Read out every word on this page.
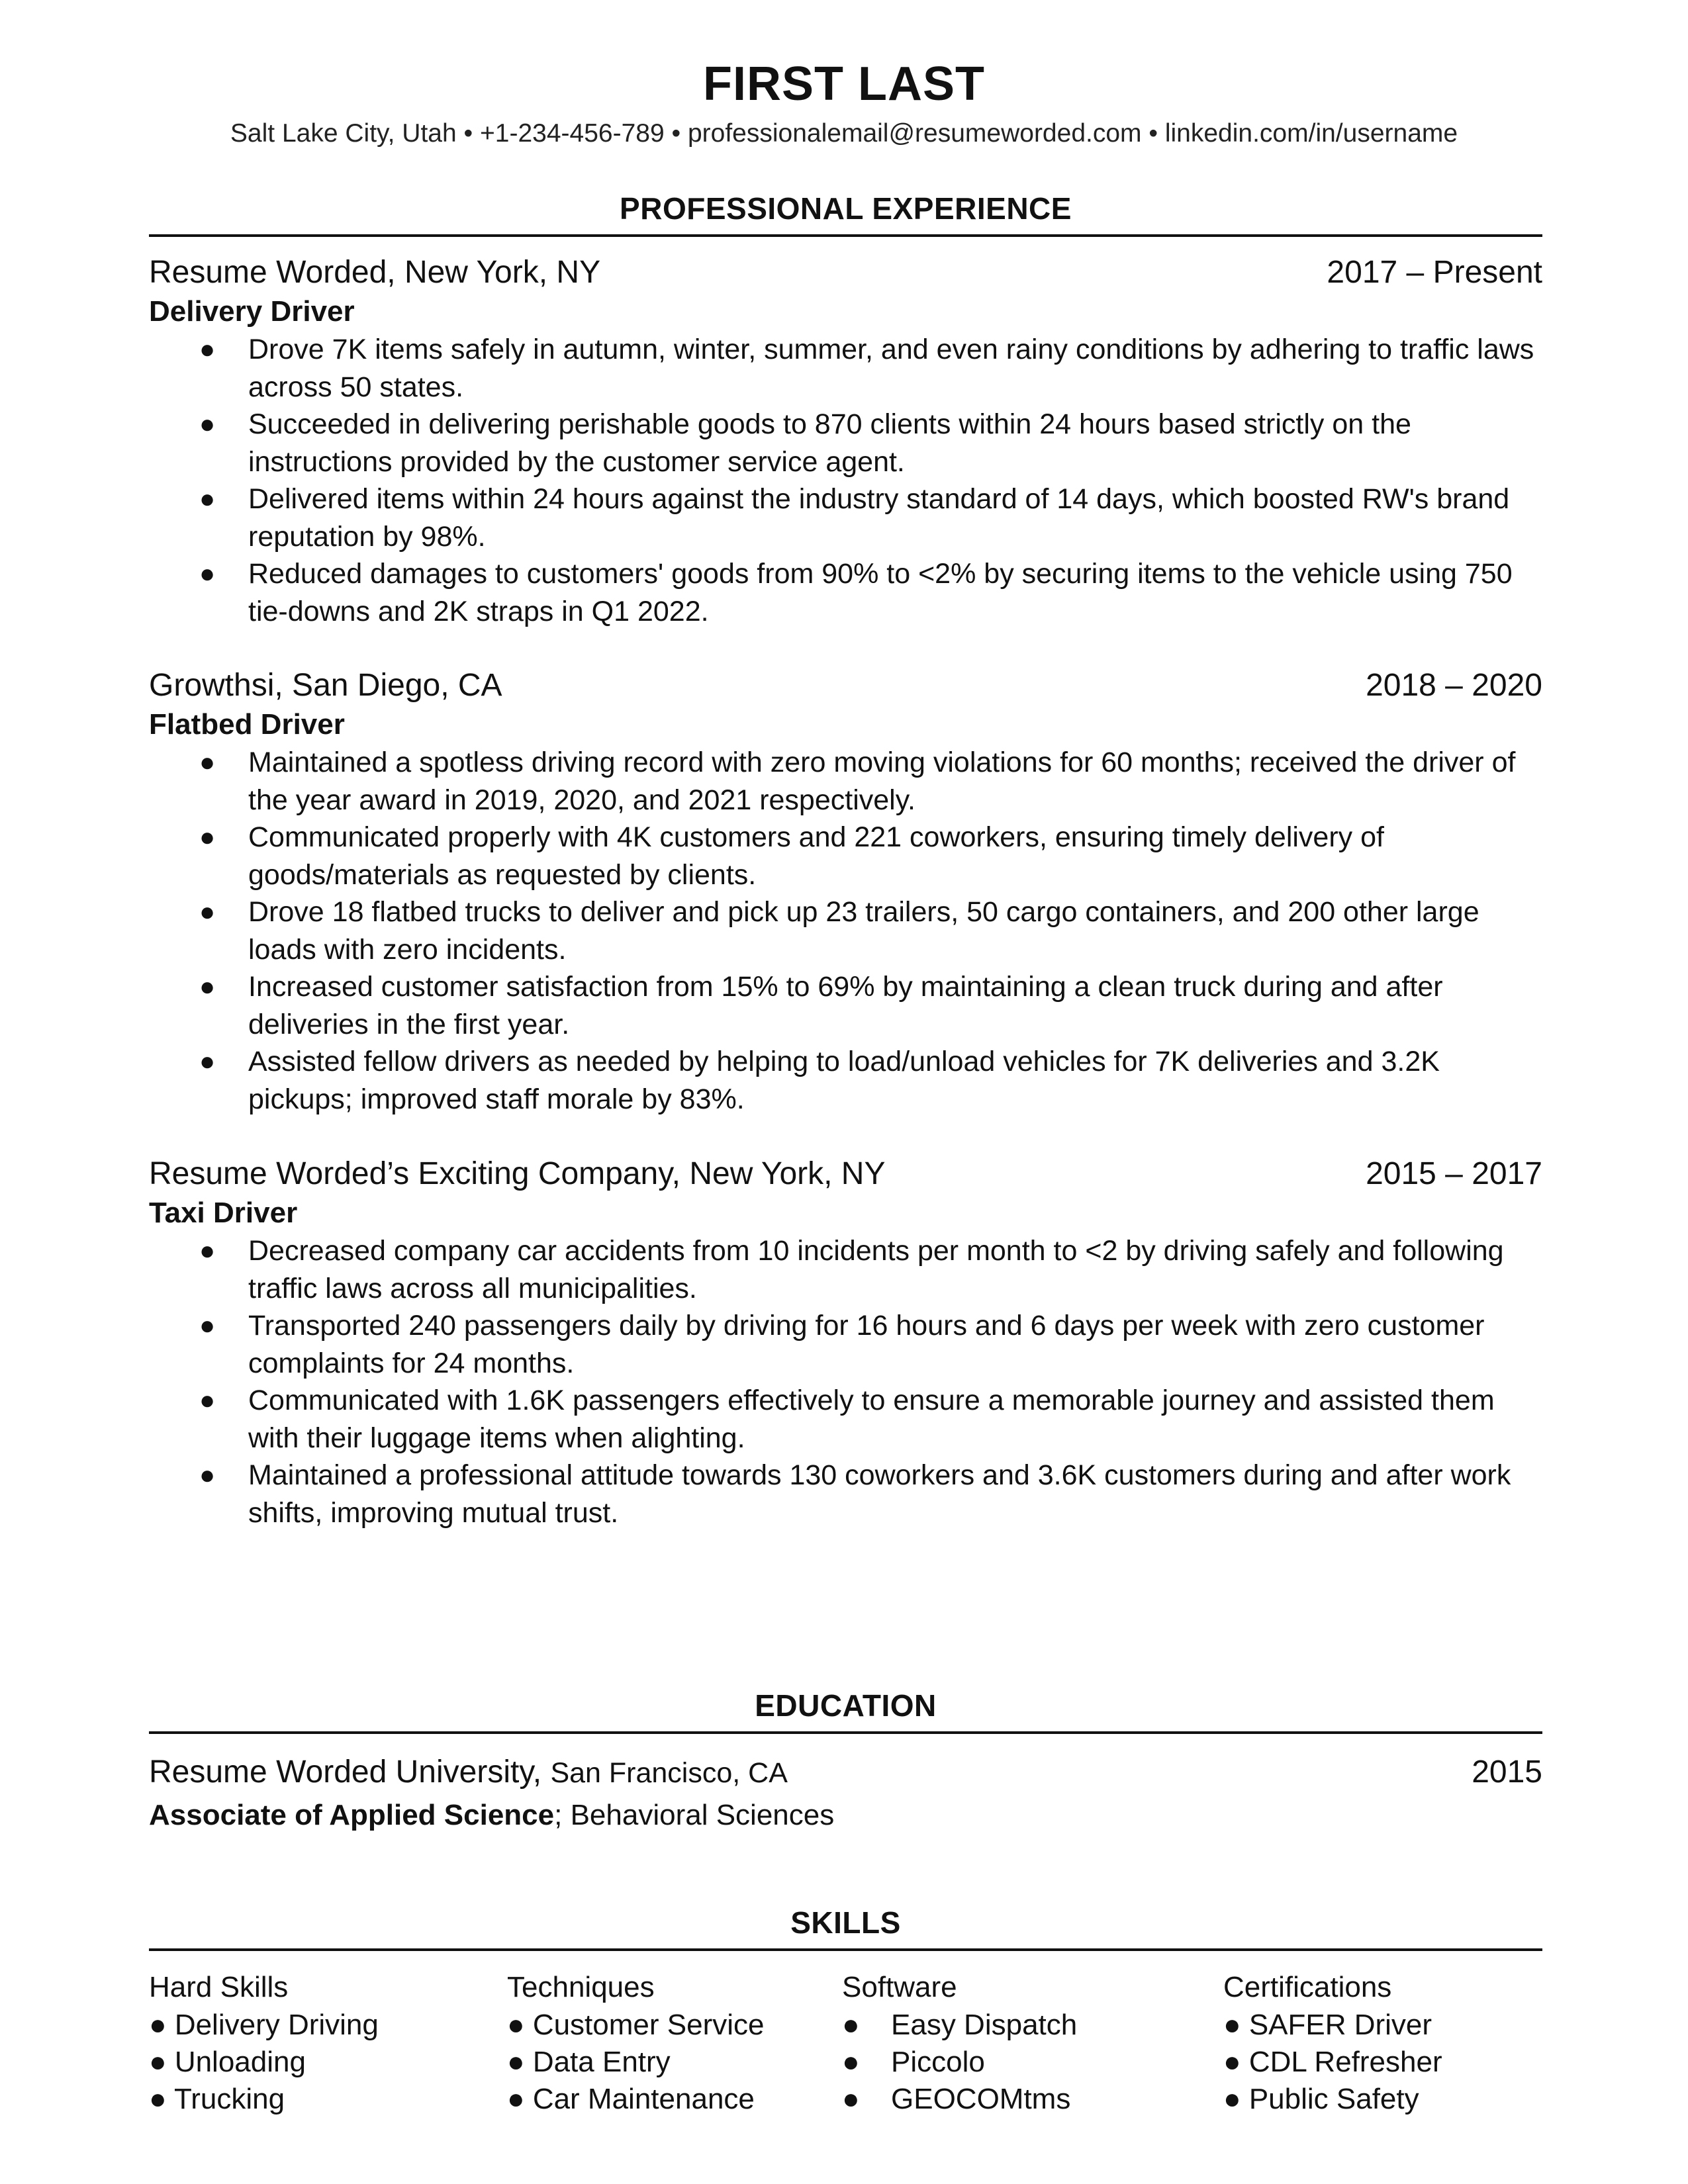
FIRST LAST
Salt Lake City, Utah • +1-234-456-789 • professionalemail@resumeworded.com • linkedin.com/in/username
PROFESSIONAL EXPERIENCE
Resume Worded, New York, NY	2017 – Present
Delivery Driver
● Drove 7K items safely in autumn, winter, summer, and even rainy conditions by adhering to traffic laws across 50 states.
● Succeeded in delivering perishable goods to 870 clients within 24 hours based strictly on the instructions provided by the customer service agent.
● Delivered items within 24 hours against the industry standard of 14 days, which boosted RW's brand reputation by 98%.
● Reduced damages to customers' goods from 90% to <2% by securing items to the vehicle using 750 tie-downs and 2K straps in Q1 2022.
Growthsi, San Diego, CA	2018 – 2020
Flatbed Driver
● Maintained a spotless driving record with zero moving violations for 60 months; received the driver of the year award in 2019, 2020, and 2021 respectively.
● Communicated properly with 4K customers and 221 coworkers, ensuring timely delivery of goods/materials as requested by clients.
● Drove 18 flatbed trucks to deliver and pick up 23 trailers, 50 cargo containers, and 200 other large loads with zero incidents.
● Increased customer satisfaction from 15% to 69% by maintaining a clean truck during and after deliveries in the first year.
● Assisted fellow drivers as needed by helping to load/unload vehicles for 7K deliveries and 3.2K pickups; improved staff morale by 83%.
Resume Worded’s Exciting Company, New York, NY	2015 – 2017
Taxi Driver
● Decreased company car accidents from 10 incidents per month to <2 by driving safely and following traffic laws across all municipalities.
● Transported 240 passengers daily by driving for 16 hours and 6 days per week with zero customer complaints for 24 months.
● Communicated with 1.6K passengers effectively to ensure a memorable journey and assisted them with their luggage items when alighting.
● Maintained a professional attitude towards 130 coworkers and 3.6K customers during and after work shifts, improving mutual trust.
EDUCATION
Resume Worded University, San Francisco, CA	2015
Associate of Applied Science; Behavioral Sciences
SKILLS
Hard Skills
● Delivery Driving
● Unloading
● Trucking
Techniques
● Customer Service
● Data Entry
● Car Maintenance
Software
● Easy Dispatch
● Piccolo
● GEOCOMtms
Certifications
● SAFER Driver
● CDL Refresher
● Public Safety
